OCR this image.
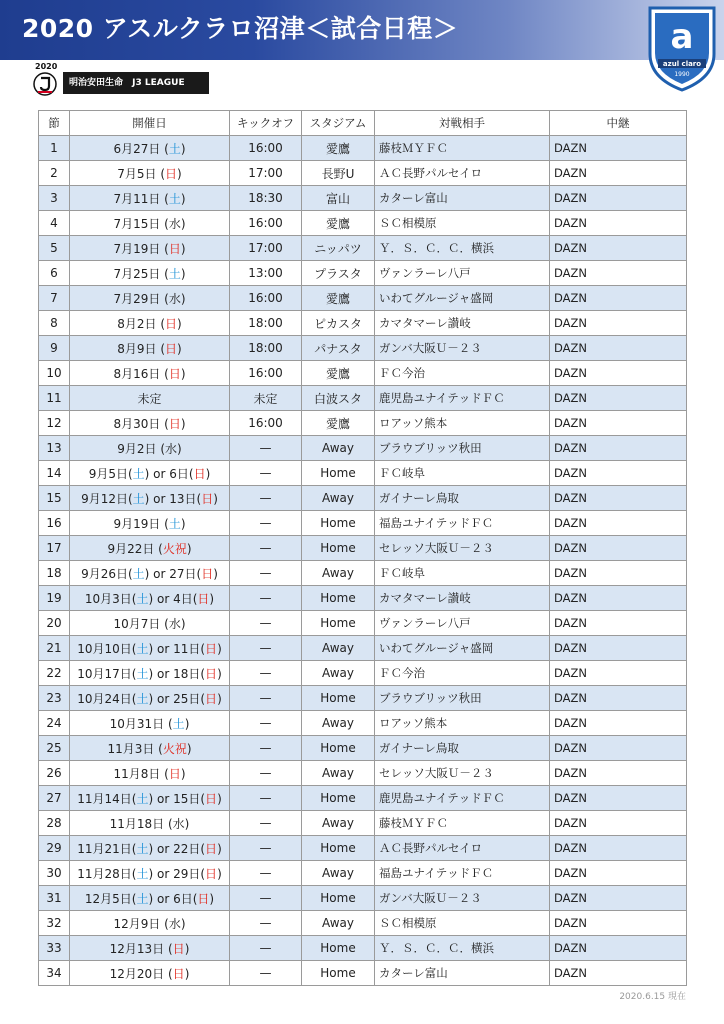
2020 アスルクラロ沼津＜試合日程＞	a
azul claro
1990
2020
明治安田生命 J3 LEAGUE
節	開催日	キックオフ	スタジアム	対戦相手	中継
1	6月27日 (土)	16:00	愛鷹	藤枝ＭＹＦＣ	DAZN
2	7月5日 (日)	17:00	長野U	ＡＣ長野パルセイロ	DAZN
3	7月11日 (土)	18:30	富山	カターレ富山	DAZN
4	7月15日 (水)	16:00	愛鷹	ＳＣ相模原	DAZN
5	7月19日 (日)	17:00	ニッパツ	Ｙ．Ｓ．Ｃ．Ｃ．横浜	DAZN
6	7月25日 (土)	13:00	プラスタ	ヴァンラーレ八戸	DAZN
7	7月29日 (水)	16:00	愛鷹	いわてグルージャ盛岡	DAZN
8	8月2日 (日)	18:00	ピカスタ	カマタマーレ讃岐	DAZN
9	8月9日 (日)	18:00	パナスタ	ガンバ大阪Ｕ－２３	DAZN
10	8月16日 (日)	16:00	愛鷹	ＦＣ今治	DAZN
11	未定	未定	白波スタ	鹿児島ユナイテッドＦＣ	DAZN
12	8月30日 (日)	16:00	愛鷹	ロアッソ熊本	DAZN
13	9月2日 (水)	—	Away	ブラウブリッツ秋田	DAZN
14	9月5日(土) or 6日(日)	—	Home	ＦＣ岐阜	DAZN
15	9月12日(土) or 13日(日)	—	Away	ガイナーレ鳥取	DAZN
16	9月19日 (土)	—	Home	福島ユナイテッドＦＣ	DAZN
17	9月22日 (火祝)	—	Home	セレッソ大阪Ｕ－２３	DAZN
18	9月26日(土) or 27日(日)	—	Away	ＦＣ岐阜	DAZN
19	10月3日(土) or 4日(日)	—	Home	カマタマーレ讃岐	DAZN
20	10月7日 (水)	—	Home	ヴァンラーレ八戸	DAZN
21	10月10日(土) or 11日(日)	—	Away	いわてグルージャ盛岡	DAZN
22	10月17日(土) or 18日(日)	—	Away	ＦＣ今治	DAZN
23	10月24日(土) or 25日(日)	—	Home	ブラウブリッツ秋田	DAZN
24	10月31日 (土)	—	Away	ロアッソ熊本	DAZN
25	11月3日 (火祝)	—	Home	ガイナーレ鳥取	DAZN
26	11月8日 (日)	—	Away	セレッソ大阪Ｕ－２３	DAZN
27	11月14日(土) or 15日(日)	—	Home	鹿児島ユナイテッドＦＣ	DAZN
28	11月18日 (水)	—	Away	藤枝ＭＹＦＣ	DAZN
29	11月21日(土) or 22日(日)	—	Home	ＡＣ長野パルセイロ	DAZN
30	11月28日(土) or 29日(日)	—	Away	福島ユナイテッドＦＣ	DAZN
31	12月5日(土) or 6日(日)	—	Home	ガンバ大阪Ｕ－２３	DAZN
32	12月9日 (水)	—	Away	ＳＣ相模原	DAZN
33	12月13日 (日)	—	Home	Ｙ．Ｓ．Ｃ．Ｃ．横浜	DAZN
34	12月20日 (日)	—	Home	カターレ富山	DAZN
2020.6.15 現在
